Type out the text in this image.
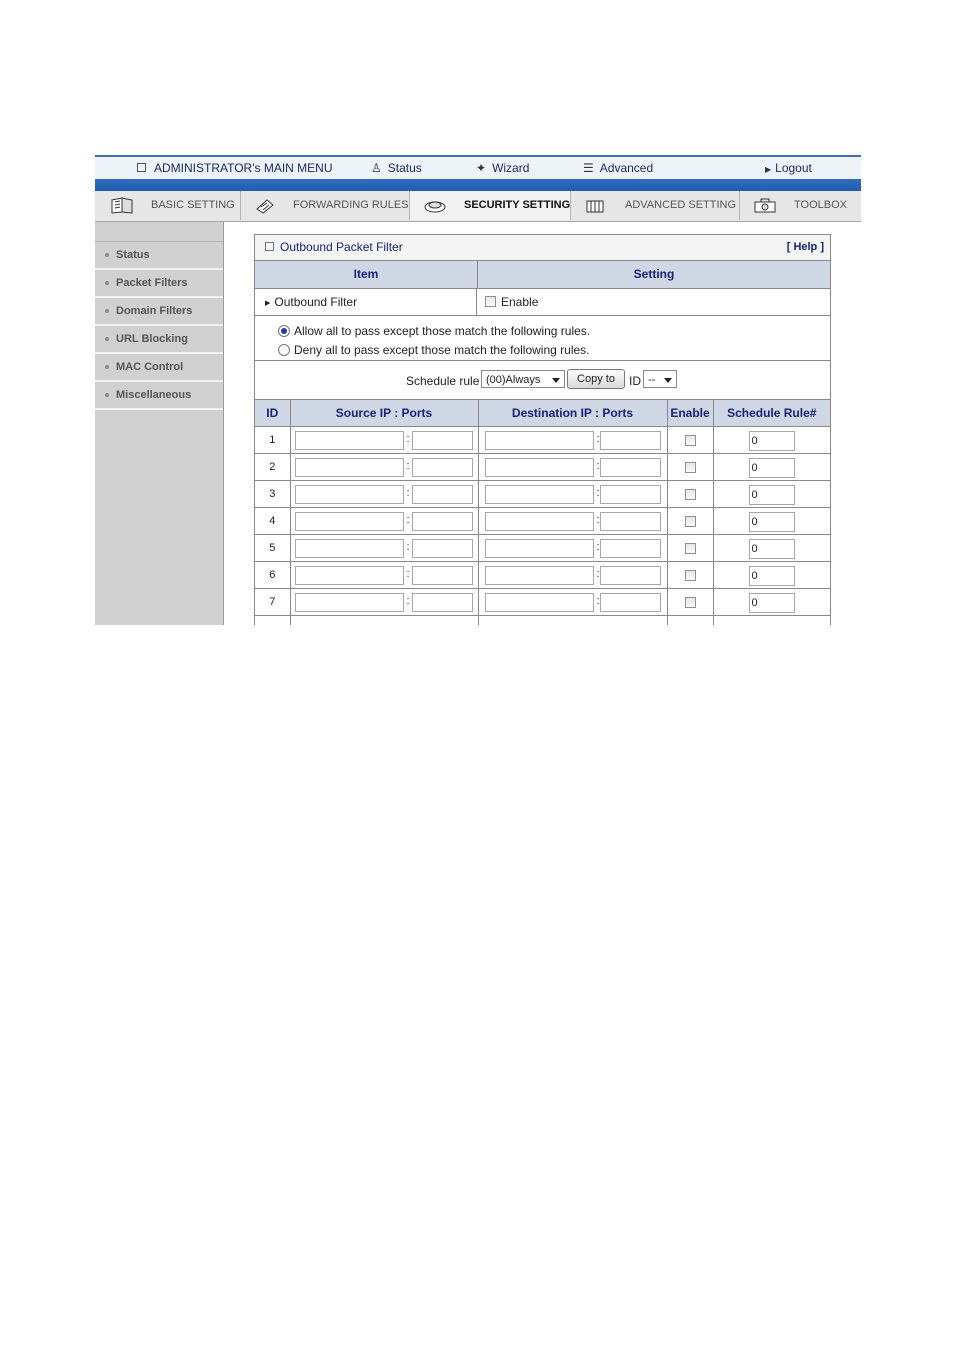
ADMINISTRATOR's MAIN MENU	♙ Status	✦ Wizard	☰ Advanced	▶ Logout
BASIC SETTING	FORWARDING RULES	SECURITY SETTING	ADVANCED SETTING	TOOLBOX
Status
Packet Filters
Domain Filters
URL Blocking
MAC Control
Miscellaneous
Outbound Packet Filter	[ Help ]
Item	Setting
▶ Outbound Filter	Enable
Allow all to pass except those match the following rules.
Deny all to pass except those match the following rules.
Schedule rule (00)Always	Copy to	ID --
ID	Source IP : Ports	Destination IP : Ports	Enable	Schedule Rule#
1	:	:		0

2	:	:		0

3	:	:		0

4	:	:		0

5	:	:		0

6	:	:		0

7	:	:		0
